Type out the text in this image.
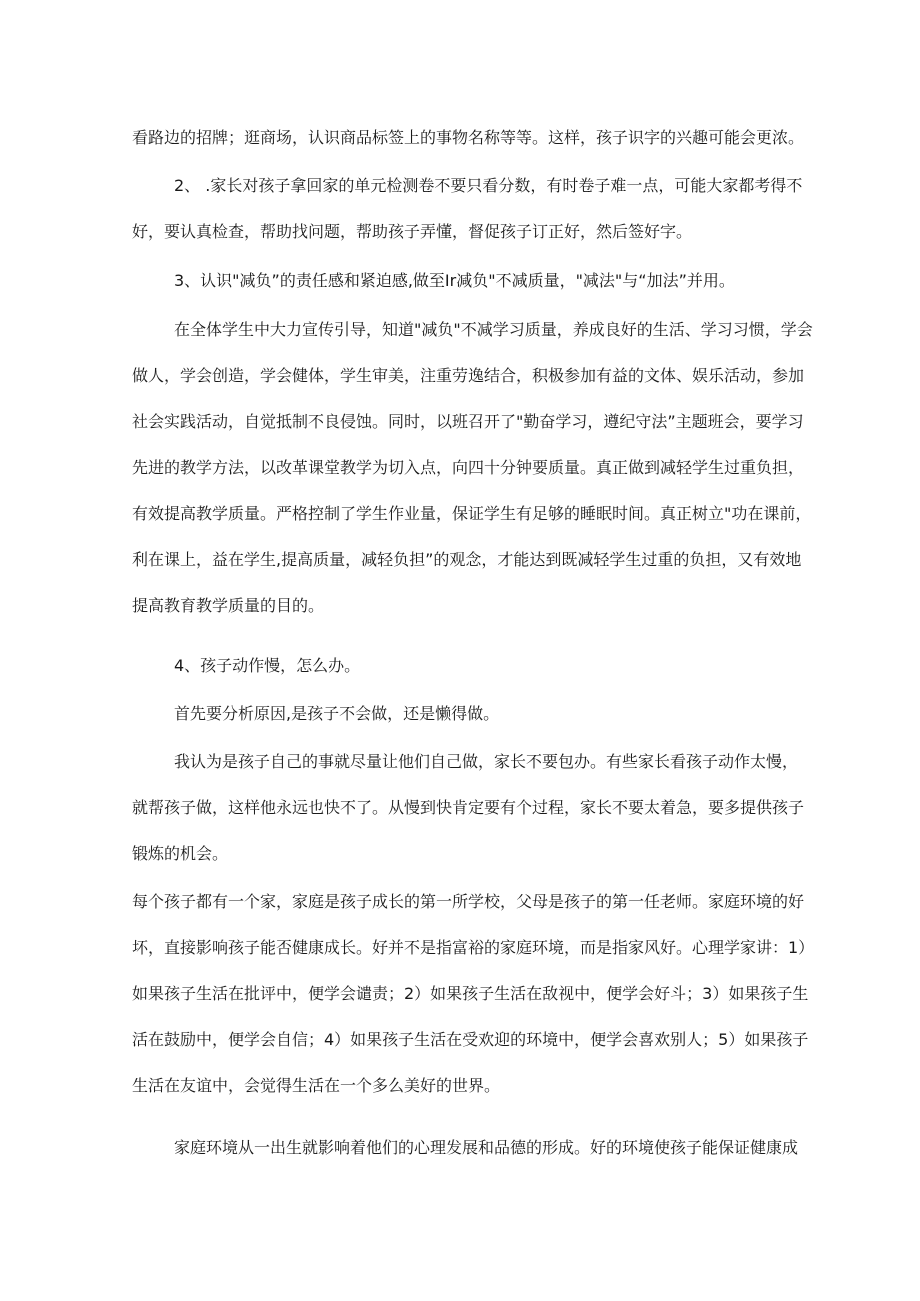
看路边的招牌；逛商场，认识商品标签上的事物名称等等。这样，孩子识字的兴趣可能会更浓。

2、 .家长对孩子拿回家的单元检测卷不要只看分数，有时卷子难一点，可能大家都考得不
好，要认真检查，帮助找问题，帮助孩子弄懂，督促孩子订正好，然后签好字。

3、认识"减负”的责任感和紧迫感,做至Ir减负"不减质量，"减法"与“加法”并用。

在全体学生中大力宣传引导，知道"减负"不减学习质量，养成良好的生活、学习习惯，学会
做人，学会创造，学会健体，学生审美，注重劳逸结合，积极参加有益的文体、娱乐活动，参加
社会实践活动，自觉抵制不良侵蚀。同时，以班召开了"勤奋学习，遵纪守法”主题班会，要学习
先进的教学方法，以改革课堂教学为切入点，向四十分钟要质量。真正做到减轻学生过重负担，
有效提高教学质量。严格控制了学生作业量，保证学生有足够的睡眠时间。真正树立"功在课前，
利在课上，益在学生,提高质量，减轻负担”的观念，才能达到既减轻学生过重的负担，又有效地
提高教育教学质量的目的。

4、孩子动作慢，怎么办。

首先要分析原因,是孩子不会做，还是懒得做。

我认为是孩子自己的事就尽量让他们自己做，家长不要包办。有些家长看孩子动作太慢，
就帮孩子做，这样他永远也快不了。从慢到快肯定要有个过程，家长不要太着急，要多提供孩子
锻炼的机会。

每个孩子都有一个家，家庭是孩子成长的第一所学校，父母是孩子的第一任老师。家庭环境的好
坏，直接影响孩子能否健康成长。好并不是指富裕的家庭环境，而是指家风好。心理学家讲：1）
如果孩子生活在批评中，便学会谴责；2）如果孩子生活在敌视中，便学会好斗；3）如果孩子生
活在鼓励中，便学会自信；4）如果孩子生活在受欢迎的环境中，便学会喜欢别人；5）如果孩子
生活在友谊中，会觉得生活在一个多么美好的世界。

家庭环境从一出生就影响着他们的心理发展和品德的形成。好的环境使孩子能保证健康成
